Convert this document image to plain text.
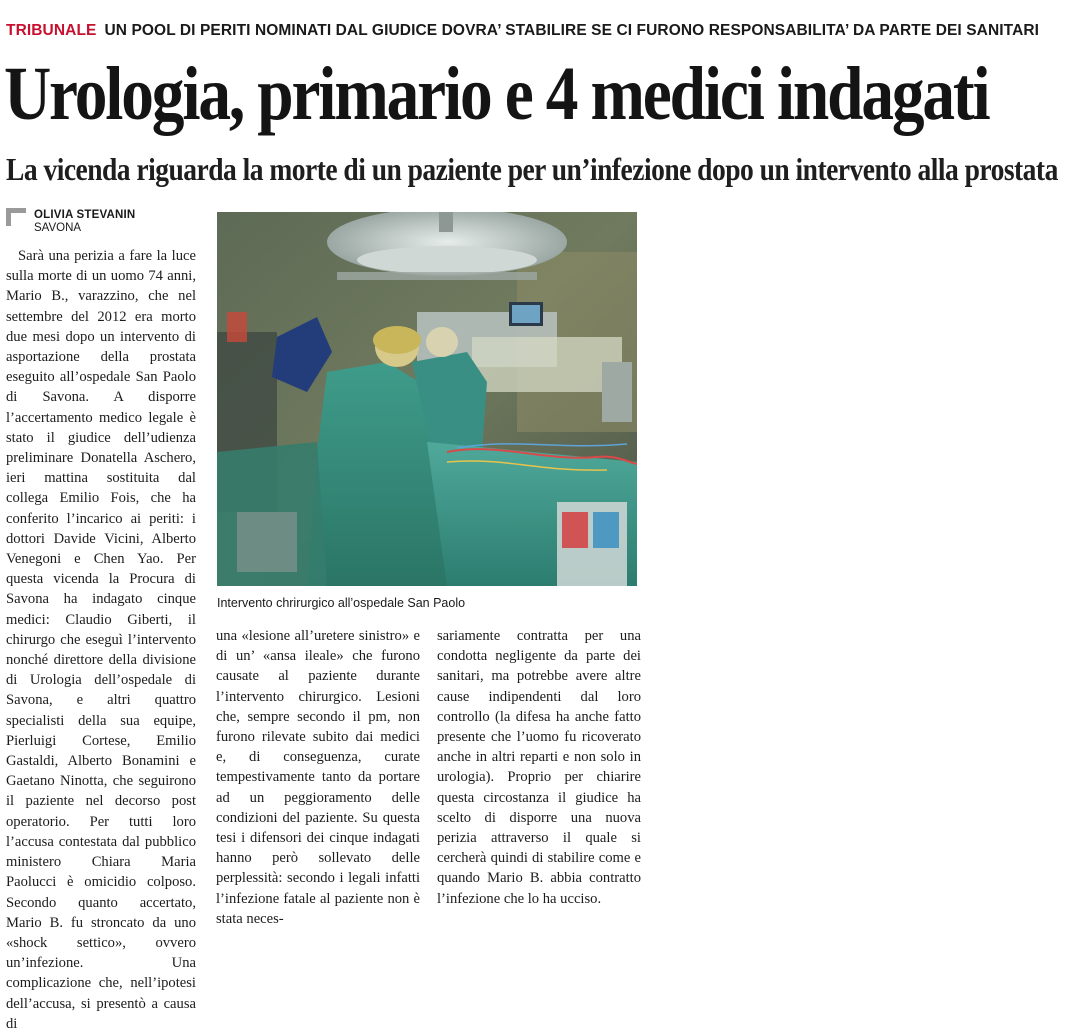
TRIBUNALE UN POOL DI PERITI NOMINATI DAL GIUDICE DOVRA’ STABILIRE SE CI FURONO RESPONSABILITA’ DA PARTE DEI SANITARI
Urologia, primario e 4 medici indagati
La vicenda riguarda la morte di un paziente per un’infezione dopo un intervento alla prostata
OLIVIA STEVANIN
SAVONA

Sarà una perizia a fare la luce sulla morte di un uomo 74 anni, Mario B., varazzino, che nel settembre del 2012 era morto due mesi dopo un intervento di asportazione della prostata eseguito all’ospedale San Paolo di Savona. A disporre l’accertamento medico legale è stato il giudice dell’udienza preliminare Donatella Aschero, ieri mattina sostituita dal collega Emilio Fois, che ha conferito l’incarico ai periti: i dottori Davide Vicini, Alberto Venegoni e Chen Yao. Per questa vicenda la Procura di Savona ha indagato cinque medici: Claudio Giberti, il chirurgo che eseguì l’intervento nonché direttore della divisione di Urologia dell’ospedale di Savona, e altri quattro specialisti della sua equipe, Pierluigi Cortese, Emilio Gastaldi, Alberto Bonamini e Gaetano Ninotta, che seguirono il paziente nel decorso post operatorio. Per tutti loro l’accusa contestata dal pubblico ministero Chiara Maria Paolucci è omicidio colposo. Secondo quanto accertato, Mario B. fu stroncato da uno «shock settico», ovvero un’infezione. Una complicazione che, nell’ipotesi dell’accusa, si presentò a causa di

Intervento chrirurgico all’ospedale San Paolo

una «lesione all’uretere sinistro» e di un’ «ansa ileale» che furono causate al paziente durante l’intervento chirurgico. Lesioni che, sempre secondo il pm, non furono rilevate subito dai medici e, di conseguenza, curate tempestivamente tanto da portare ad un peggioramento delle condizioni del paziente. Su questa tesi i difensori dei cinque indagati hanno però sollevato delle perplessità: secondo i legali infatti l’infezione fatale al paziente non è stata neces-

sariamente contratta per una condotta negligente da parte dei sanitari, ma potrebbe avere altre cause indipendenti dal loro controllo (la difesa ha anche fatto presente che l’uomo fu ricoverato anche in altri reparti e non solo in urologia). Proprio per chiarire questa circostanza il giudice ha scelto di disporre una nuova perizia attraverso il quale si cercherà quindi di stabilire come e quando Mario B. abbia contratto l’infezione che lo ha ucciso.
